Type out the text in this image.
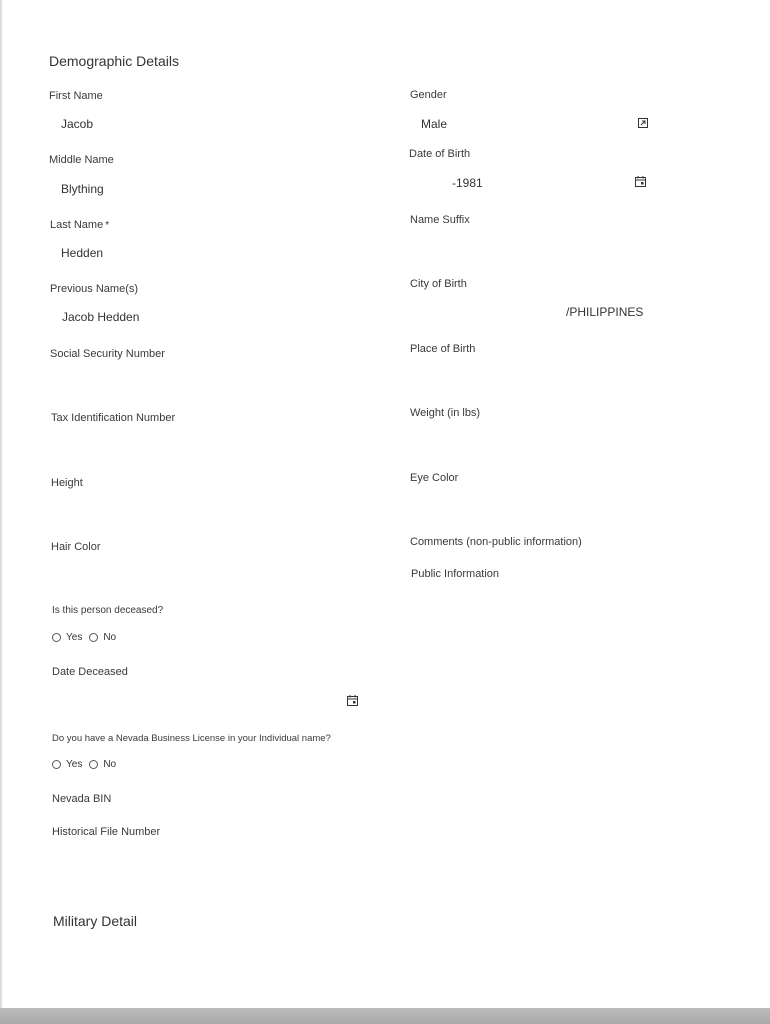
Demographic Details
First Name
Jacob
Middle Name
Blything
Last Name *
Hedden
Previous Name(s)
Jacob Hedden
Social Security Number
Tax Identification Number
Height
Hair Color
Gender
Male
Date of Birth
-1981
Name Suffix
City of Birth
/PHILIPPINES
Place of Birth
Weight (in lbs)
Eye Color
Comments (non-public information)
Public Information
Is this person deceased?
Yes No
Date Deceased
Do you have a Nevada Business License in your Individual name?
Yes No
Nevada BIN
Historical File Number
Military Detail
